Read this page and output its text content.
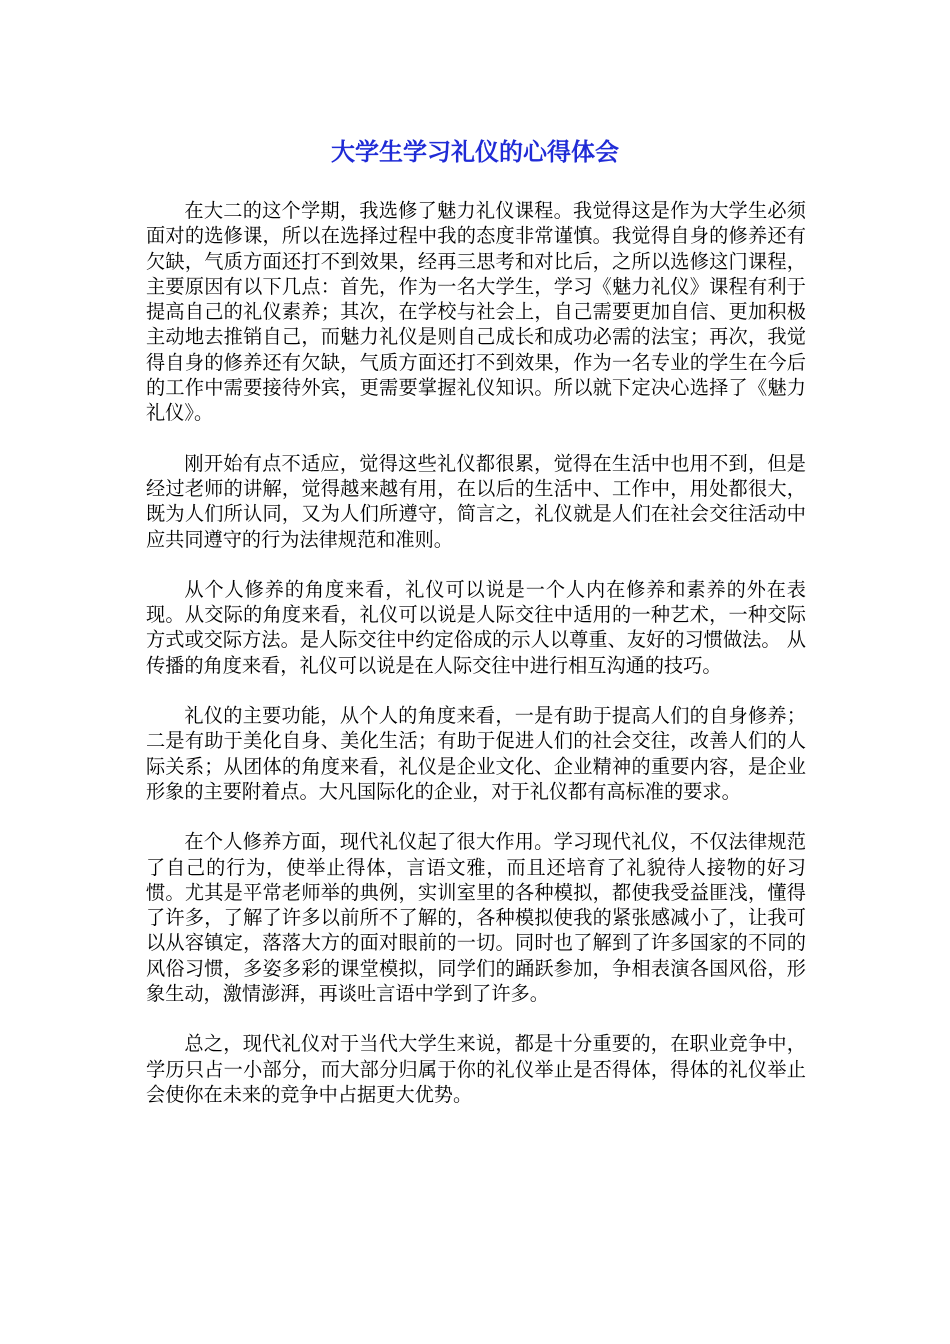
大学生学习礼仪的心得体会

在大二的这个学期，我选修了魅力礼仪课程。我觉得这是作为大学生必须面对的选修课，所以在选择过程中我的态度非常谨慎。我觉得自身的修养还有欠缺，气质方面还打不到效果，经再三思考和对比后，之所以选修这门课程，主要原因有以下几点：首先，作为一名大学生，学习《魅力礼仪》课程有利于提高自己的礼仪素养；其次，在学校与社会上，自己需要更加自信、更加积极主动地去推销自己，而魅力礼仪是则自己成长和成功必需的法宝；再次，我觉得自身的修养还有欠缺，气质方面还打不到效果，作为一名专业的学生在今后的工作中需要接待外宾，更需要掌握礼仪知识。所以就下定决心选择了《魅力礼仪》。

刚开始有点不适应，觉得这些礼仪都很累，觉得在生活中也用不到，但是经过老师的讲解，觉得越来越有用，在以后的生活中、工作中，用处都很大，既为人们所认同，又为人们所遵守，简言之，礼仪就是人们在社会交往活动中应共同遵守的行为法律规范和准则。

从个人修养的角度来看，礼仪可以说是一个人内在修养和素养的外在表现。从交际的角度来看，礼仪可以说是人际交往中适用的一种艺术，一种交际方式或交际方法。是人际交往中约定俗成的示人以尊重、友好的习惯做法。 从传播的角度来看，礼仪可以说是在人际交往中进行相互沟通的技巧。

礼仪的主要功能，从个人的角度来看，一是有助于提高人们的自身修养；二是有助于美化自身、美化生活；有助于促进人们的社会交往，改善人们的人际关系；从团体的角度来看，礼仪是企业文化、企业精神的重要内容，是企业形象的主要附着点。大凡国际化的企业，对于礼仪都有高标准的要求。

在个人修养方面，现代礼仪起了很大作用。学习现代礼仪，不仅法律规范了自己的行为，使举止得体，言语文雅，而且还培育了礼貌待人接物的好习惯。尤其是平常老师举的典例，实训室里的各种模拟，都使我受益匪浅，懂得了许多，了解了许多以前所不了解的，各种模拟使我的紧张感减小了，让我可以从容镇定，落落大方的面对眼前的一切。同时也了解到了许多国家的不同的风俗习惯，多姿多彩的课堂模拟，同学们的踊跃参加，争相表演各国风俗，形象生动，激情澎湃，再谈吐言语中学到了许多。

总之，现代礼仪对于当代大学生来说，都是十分重要的，在职业竞争中，学历只占一小部分，而大部分归属于你的礼仪举止是否得体，得体的礼仪举止会使你在未来的竞争中占据更大优势。
